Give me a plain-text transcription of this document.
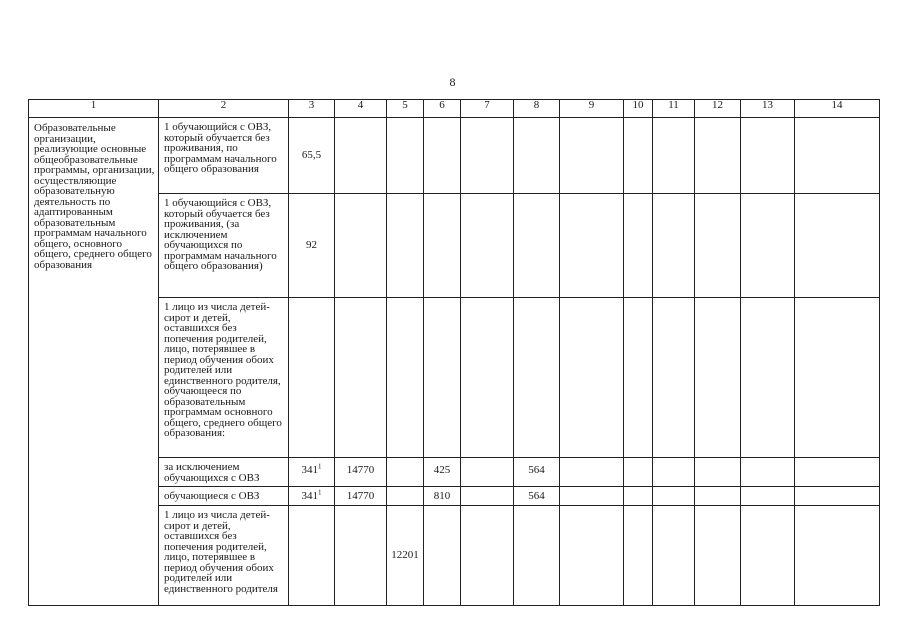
8
1	2	3	4	5	6	7	8	9	10	11	12	13	14
Образовательные организации, реализующие основные общеобразовательные программы, организации, осуществляющие образовательную деятельность по адаптированным образовательным программам начального общего, основного общего, среднего общего образования	1 обучающийся с ОВЗ, который обучается без проживания, по программам начального общего образования	65,5											
	1 обучающийся с ОВЗ, который обучается без проживания, (за исключением обучающихся по программам начального общего образования)	92											
	1 лицо из числа детей-сирот и детей, оставшихся без попечения родителей, лицо, потерявшее в период обучения обоих родителей или единственного родителя, обучающееся по образовательным программам основного общего, среднего общего образования:												
	за исключением обучающихся с ОВЗ	$341^1$	14770		425		564						
	обучающиеся с ОВЗ	$341^1$	14770		810		564						
	1 лицо из числа детей-сирот и детей, оставшихся без попечения родителей, лицо, потерявшее в период обучения обоих родителей или единственного родителя			12201									
